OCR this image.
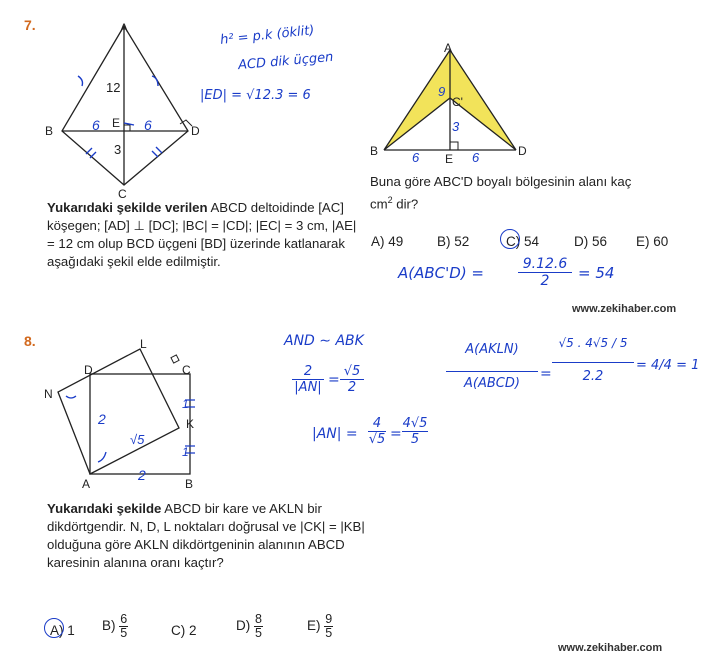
7.	A
B
C
D
E
12
3
6	6
h² = p.k (öklit)
ACD dik üçgen
|ED| = √12.3 = 6
A
B
C'
D
E
9
3
6	6
Yukarıdaki şekilde verilen ABCD deltoidinde [AC] köşegen; [AD] ⊥ [DC]; |BC| = |CD|; |EC| = 3 cm, |AE| = 12 cm olup BCD üçgeni [BD] üzerinde katlanarak aşağıdaki şekil elde edilmiştir.
Buna göre ABC'D boyalı bölgesinin alanı kaç
$cm^2$ dir?
A) 49 B) 52	C) 54	D) 56 E) 60
$A(ABC'D) = \frac{9.12.6}{2} = 54$
www.zekihaber.com
8.
D
L
C
N
K
A	B
2
2
√5
1
1
AND ∼ ABK
$\frac{2}{|AN|}$ =
√5
2
$|AN| = \frac{4}{√5}$ =
4√5
5
A(AKLN)
A(ABCD)
= $\frac{√5 . 4√5 / 5}{2.2} = 4/4 = 1$
Yukarıdaki şekilde ABCD bir kare ve AKLN bir dikdörtgendir. N, D, L noktaları doğrusal ve |CK| = |KB| olduğuna göre AKLN dikdörtgeninin alanının ABCD karesinin alanına oranı kaçtır?
A) 1 $B) \frac{6}{5}$	C) 2	$D) \frac{8}{5}$	$E) \frac{9}{5}$
www.zekihaber.com
